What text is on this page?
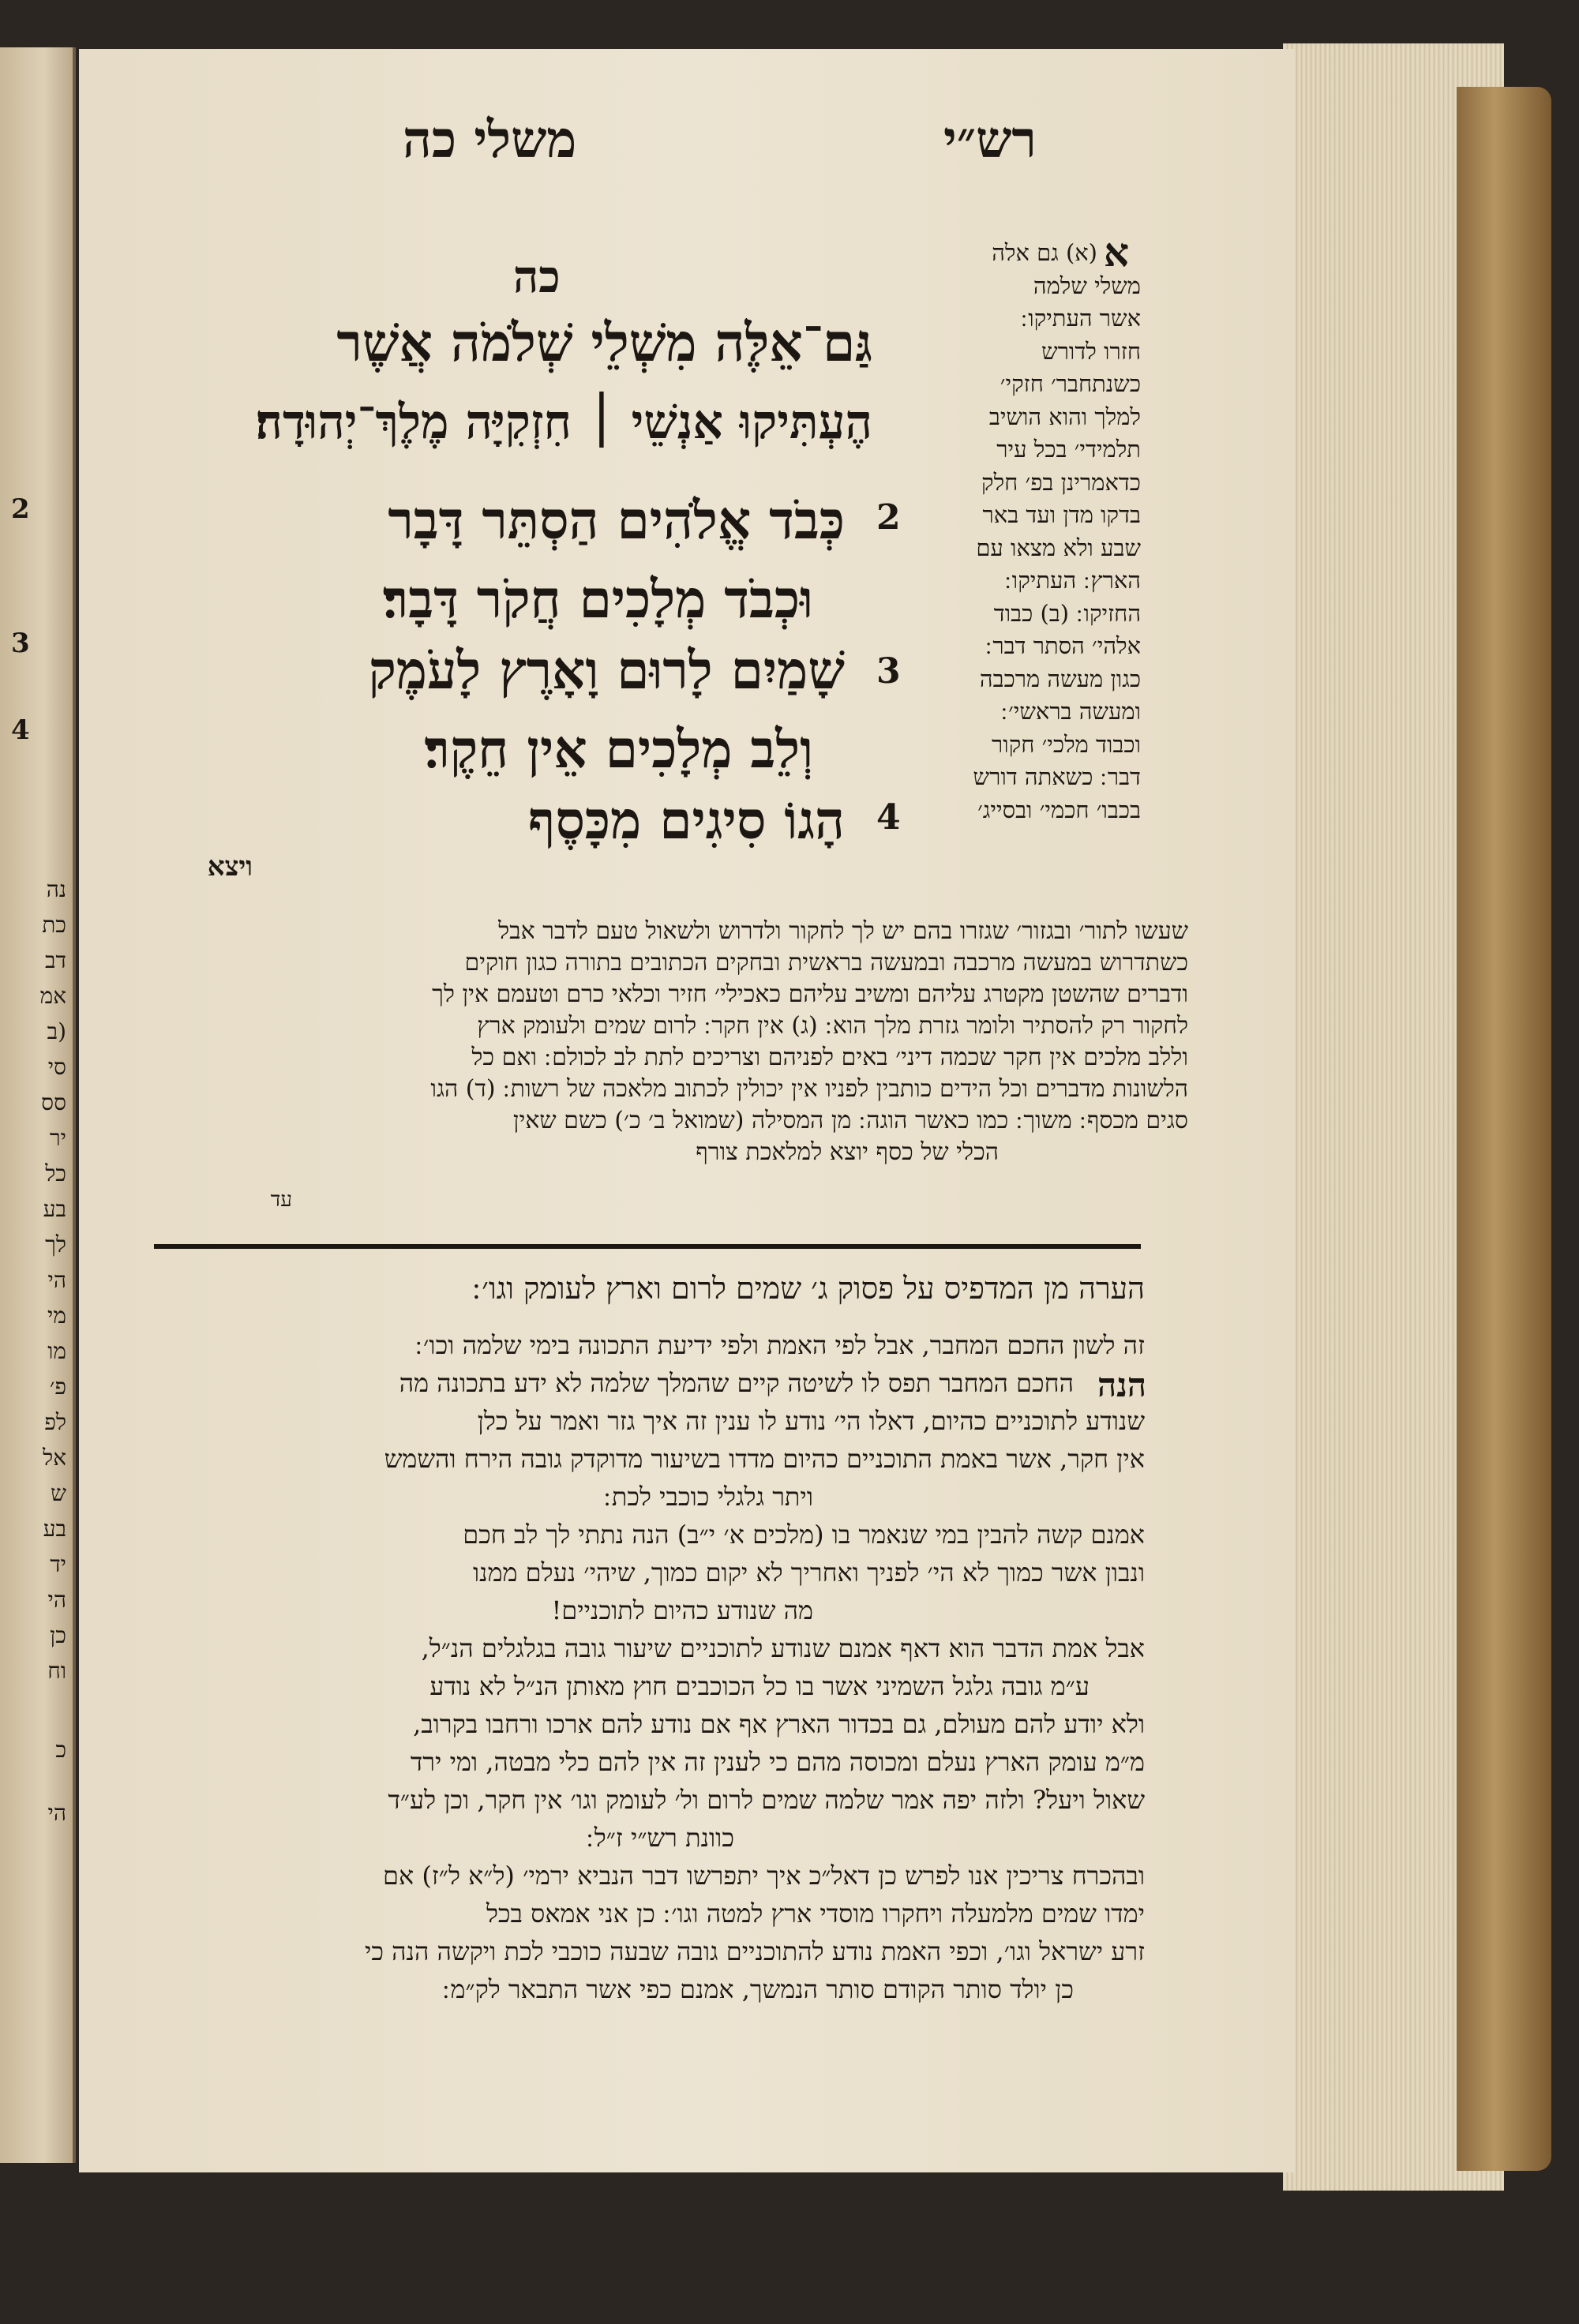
2
3
4
נה
כת
דב
אמ
(ב
סי
סס
יר
כל
בע
לך
הי
מי
מו
פ׳
לפ
אל
ש
בע
יד
הי
כן
וח
כ
הי
משלי כה	רש״י
כה	א
(א) גם אלה
משלי שלמה
אשר העתיקו ׃
חזרו לדורש
כשנתחבר׳ חזקי׳
למלך והוא הושיב
תלמידי׳ בכל עיר
כדאמרינן בפ׳ חלק
בדקו מדן ועד באר
שבע ולא מצאו עם
הארץ ׃ העתיקו ׃
החזיקו ׃ (ב) כבוד
אלהי׳ הסתר דבר ׃
כגון מעשה מרכבה
ומעשה בראשי׳ ׃
וכבוד מלכי׳ חקור
דבר ׃ כשאתה דורש
בכבו׳ חכמי׳ ובסייג׳
2
3
4
גַּם־אֵלֶּה מִשְׁלֵי שְׁלֹמֹה אֲשֶׁר
הֶעְתִּיקוּ אַנְשֵׁי ׀ חִזְקִיָּה מֶלֶךְ־יְהוּדָה׃
כְּבֹד אֱלֹהִים הַסְתֵּר דָּבָר
וּכְבֹד מְלָכִים חֲקֹר דָּבָר׃
שָׁמַיִם לָרוּם וָאָרֶץ לָעֹמֶק
וְלֵב מְלָכִים אֵין חֵקֶר׃
הָגוֹ סִיגִים מִכָּסֶף
ויצא
שעשו לתור׳ ובגזור׳ שגזרו בהם יש לך לחקור ולדרוש ולשאול טעם לדבר אבל
כשתדרוש במעשה מרכבה ובמעשה בראשית ובחקים הכתובים בתורה כגון חוקים
ודברים שהשטן מקטרג עליהם ומשיב עליהם כאכילי׳ חזיר וכלאי כרם וטעמם אין לך
לחקור רק להסתיר ולומר גזרת מלך הוא ׃ (ג) אין חקר ׃ לרום שמים ולעומק ארץ
וללב מלכים אין חקר שכמה דיני׳ באים לפניהם וצריכים לתת לב לכולם ׃ ואם כל
הלשונות מדברים וכל הידים כותבין לפניו אין יכולין לכתוב מלאכה של רשות ׃ (ד) הגו
סגים מכסף ׃ משוך ׃ כמו כאשר הוגה ׃ מן המסילה (שמואל ב׳ כ׳) כשם שאין
הכלי של כסף יוצא למלאכת צורף
עד
הערה מן המדפיס על פסוק ג׳ שמים לרום וארץ לעומק וגו׳ ׃
הנה
זה לשון החכם המחבר, אבל לפי האמת ולפי ידיעת התכונה בימי שלמה וכו׳ ׃
החכם המחבר תפס לו לשיטה קיים שהמלך שלמה לא ידע בתכונה מה
שנודע לתוכניים כהיום, דאלו הי׳ נודע לו ענין זה איך גזר ואמר על כלן
אין חקר, אשר באמת התוכניים כהיום מדדו בשיעור מדוקדק גובה הירח והשמש
ויתר גלגלי כוכבי לכת ׃
אמנם קשה להבין במי שנאמר בו (מלכים א׳ י״ב) הנה נתתי לך לב חכם
ונבון אשר כמוך לא הי׳ לפניך ואחריך לא יקום כמוך, שיהי׳ נעלם ממנו
מה שנודע כהיום לתוכניים!
אבל אמת הדבר הוא דאף אמנם שנודע לתוכניים שיעור גובה בגלגלים הנ״ל,
ע״מ גובה גלגל השמיני אשר בו כל הכוכבים חוץ מאותן הנ״ל לא נודע
ולא יודע להם מעולם, גם בכדור הארץ אף אם נודע להם ארכו ורחבו בקרוב,
מ״מ עומק הארץ נעלם ומכוסה מהם כי לענין זה אין להם כלי מבטה, ומי ירד
שאול ויעל? ולזה יפה אמר שלמה שמים לרום ול׳ לעומק וגו׳ אין חקר, וכן לע״ד
כוונת רש״י ז״ל ׃
ובהכרח צריכין אנו לפרש כן דאל״כ איך יתפרשו דבר הנביא ירמי׳ (ל״א ל״ז) אם
ימדו שמים מלמעלה ויחקרו מוסדי ארץ למטה וגו׳ ׃ כן אני אמאס בכל
זרע ישראל וגו׳, וכפי האמת נודע להתוכניים גובה שבעה כוכבי לכת ויקשה הנה כי
כן יולד סותר הקודם סותר הנמשך, אמנם כפי אשר התבאר לק״מ ׃
